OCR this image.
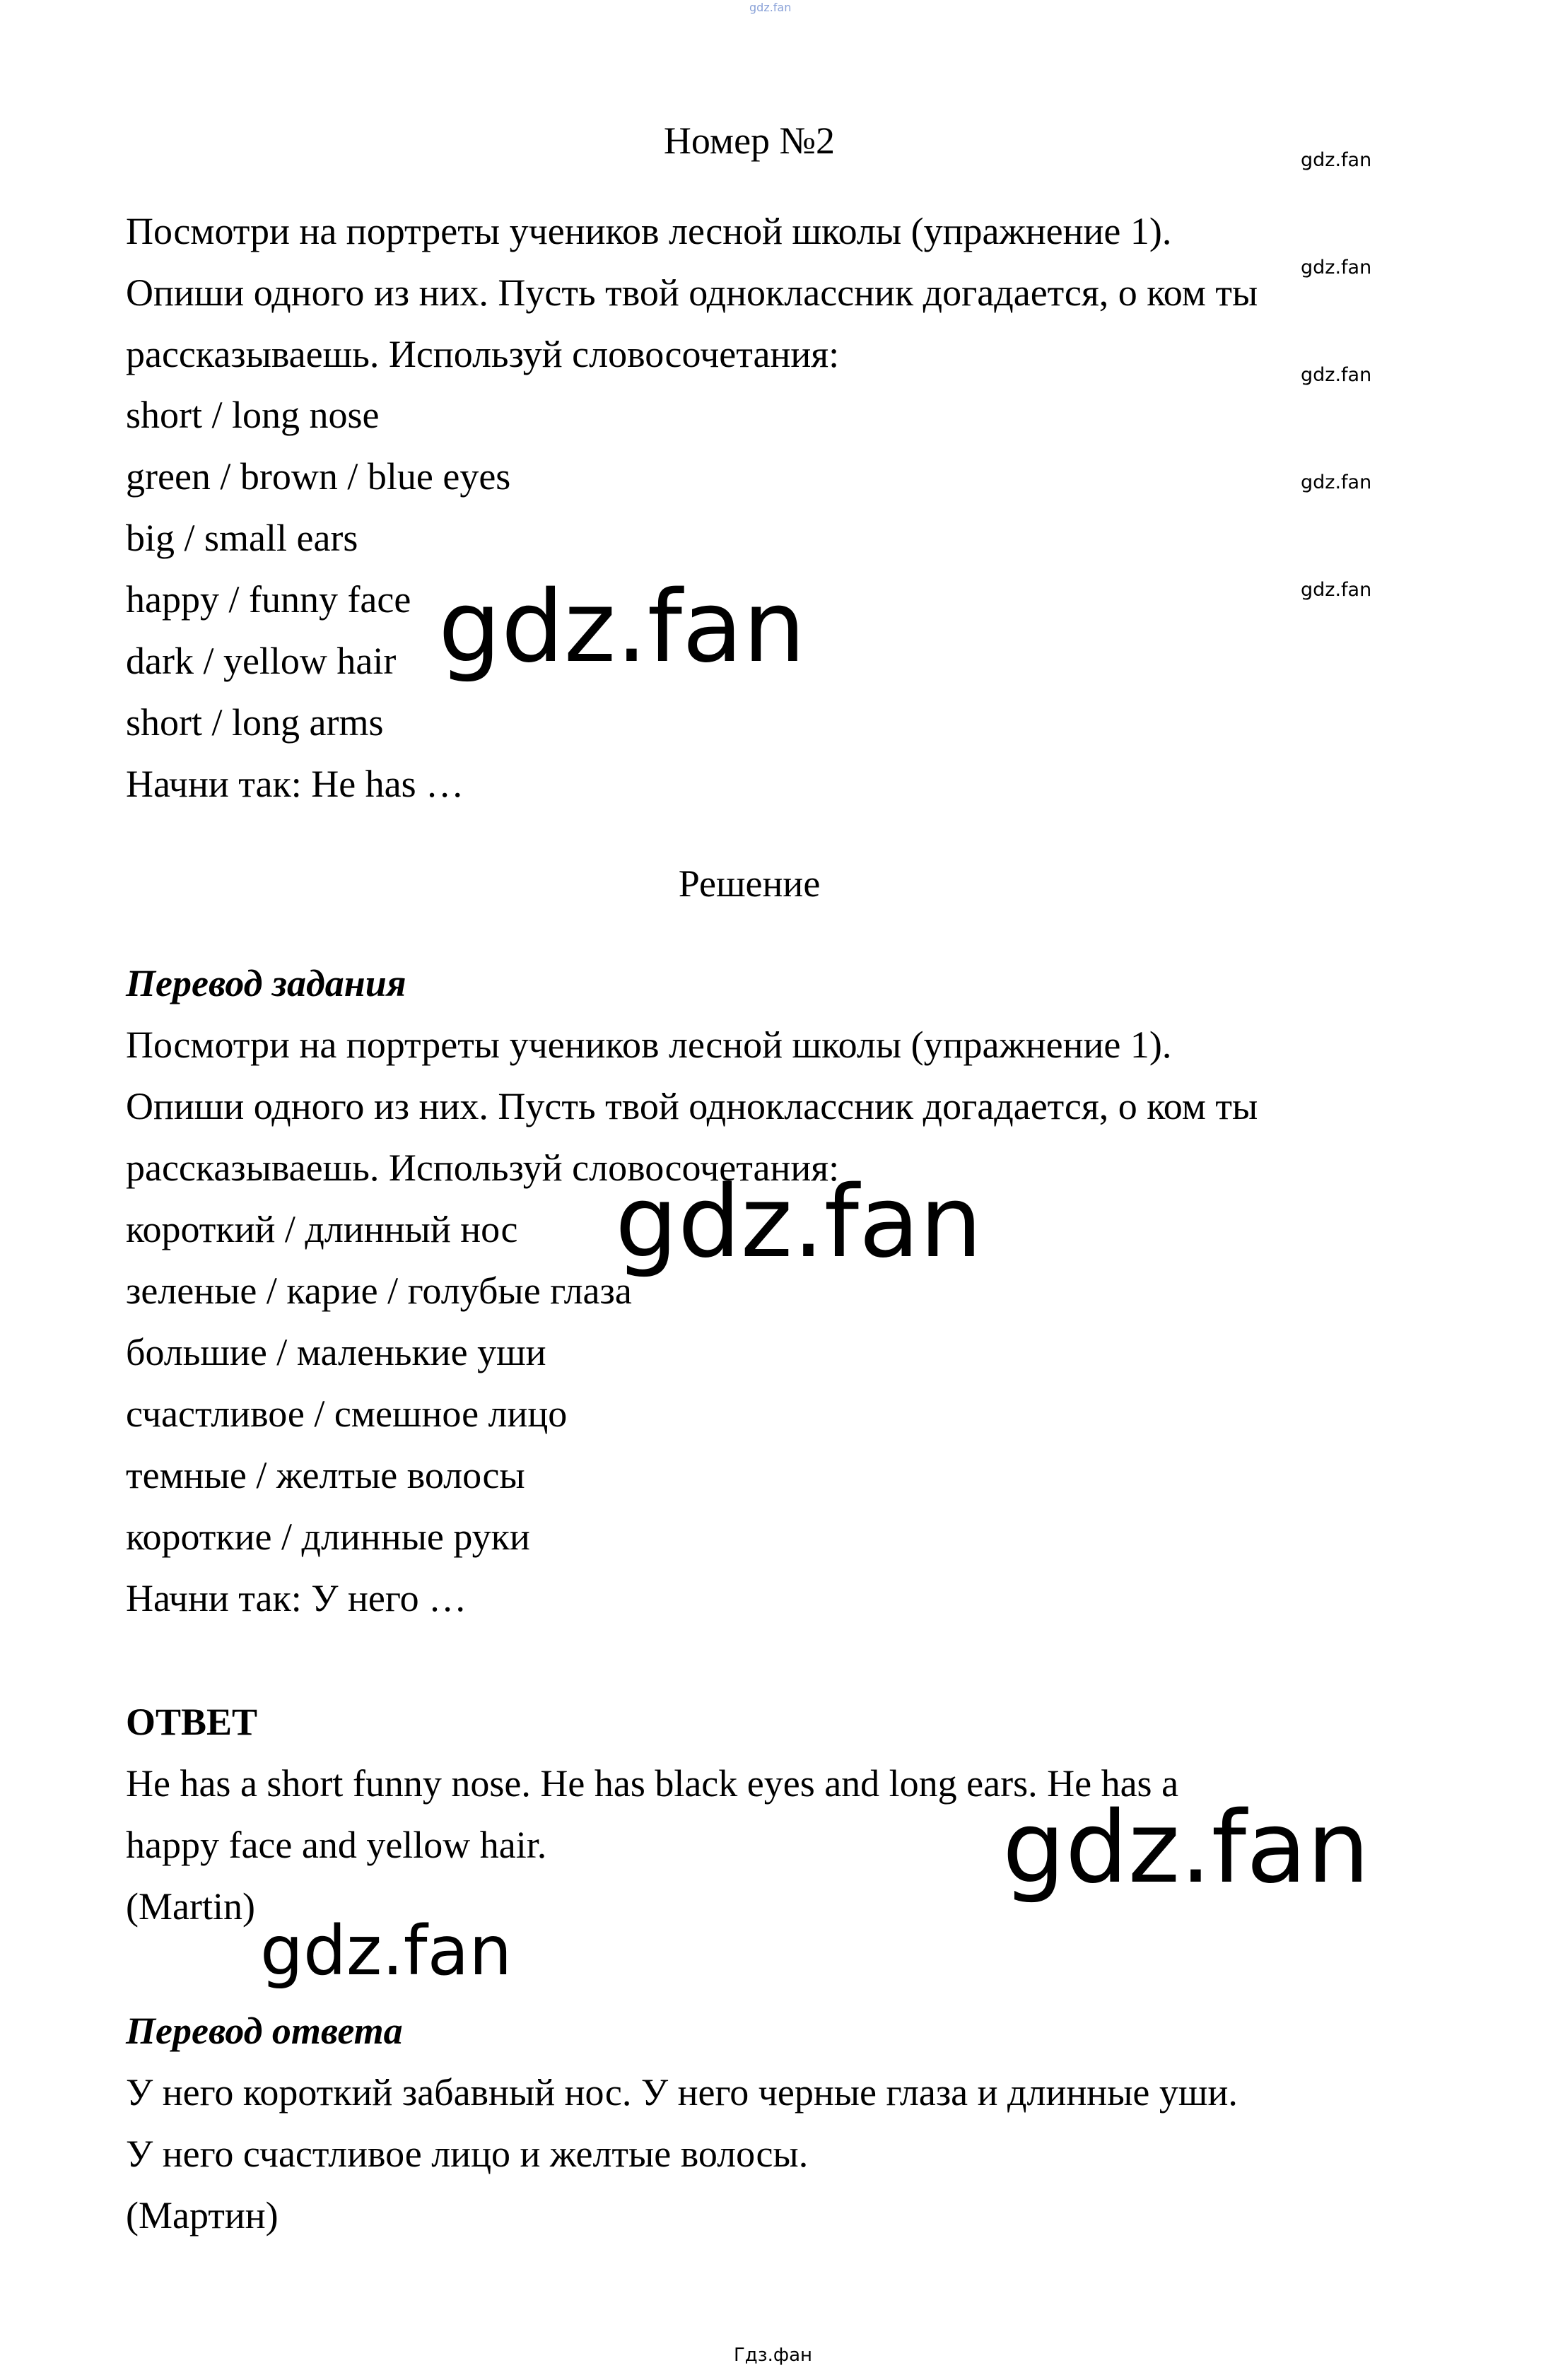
gdz.fan
Номер №2
Посмотри на портреты учеников лесной школы (упражнение 1).
Опиши одного из них. Пусть твой одноклассник догадается, о ком ты
рассказываешь. Используй словосочетания:
short / long nose
green / brown / blue eyes
big / small ears
happy / funny face
dark / yellow hair
short / long arms
Начни так: He has …
Решение
Перевод задания
Посмотри на портреты учеников лесной школы (упражнение 1).
Опиши одного из них. Пусть твой одноклассник догадается, о ком ты
рассказываешь. Используй словосочетания:
короткий / длинный нос
зеленые / карие / голубые глаза
большие / маленькие уши
счастливое / смешное лицо
темные / желтые волосы
короткие / длинные руки
Начни так: У него …
ОТВЕТ
He has a short funny nose. He has black eyes and long ears. He has a
happy face and yellow hair.
(Martin)
Перевод ответа
У него короткий забавный нос. У него черные глаза и длинные уши.
У него счастливое лицо и желтые волосы.
(Мартин)
gdz.fan
gdz.fan
gdz.fan
gdz.fan
gdz.fan
gdz.fan
gdz.fan
gdz.fan
gdz.fan
Гдз.фан
